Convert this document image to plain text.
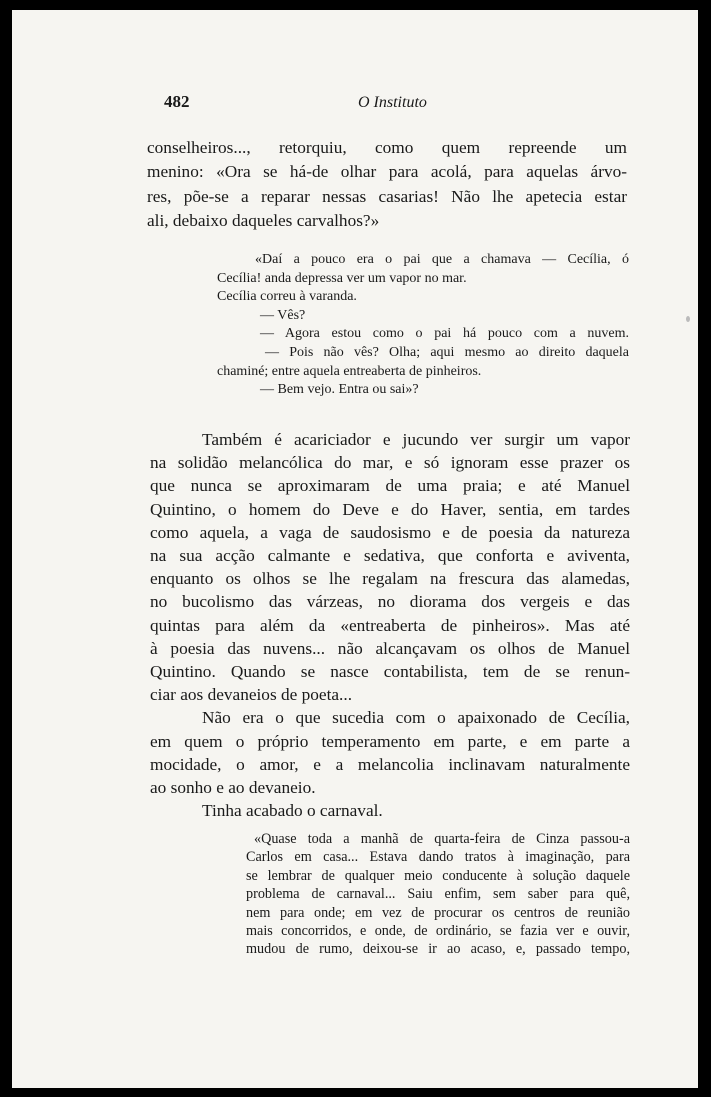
482	O Instituto
conselheiros..., retorquiu, como quem repreende um
menino: «Ora se há-de olhar para acolá, para aquelas árvo-
res, põe-se a reparar nessas casarias! Não lhe apetecia estar
ali, debaixo daqueles carvalhos?»
«Daí a pouco era o pai que a chamava — Cecília, ó
Cecília! anda depressa ver um vapor no mar.
Cecília correu à varanda.
— Vês?
— Agora estou como o pai há pouco com a nuvem.
— Pois não vês? Olha; aqui mesmo ao direito daquela
chaminé; entre aquela entreaberta de pinheiros.
— Bem vejo. Entra ou sai»?
Também é acariciador e jucundo ver surgir um vapor
na solidão melancólica do mar, e só ignoram esse prazer os
que nunca se aproximaram de uma praia; e até Manuel
Quintino, o homem do Deve e do Haver, sentia, em tardes
como aquela, a vaga de saudosismo e de poesia da natureza
na sua acção calmante e sedativa, que conforta e aviventa,
enquanto os olhos se lhe regalam na frescura das alamedas,
no bucolismo das várzeas, no diorama dos vergeis e das
quintas para além da «entreaberta de pinheiros». Mas até
à poesia das nuvens... não alcançavam os olhos de Manuel
Quintino. Quando se nasce contabilista, tem de se renun-
ciar aos devaneios de poeta...
Não era o que sucedia com o apaixonado de Cecília,
em quem o próprio temperamento em parte, e em parte a
mocidade, o amor, e a melancolia inclinavam naturalmente
ao sonho e ao devaneio.
Tinha acabado o carnaval.
«Quase toda a manhã de quarta-feira de Cinza passou-a
Carlos em casa... Estava dando tratos à imaginação, para
se lembrar de qualquer meio conducente à solução daquele
problema de carnaval... Saiu enfim, sem saber para quê,
nem para onde; em vez de procurar os centros de reunião
mais concorridos, e onde, de ordinário, se fazia ver e ouvir,
mudou de rumo, deixou-se ir ao acaso, e, passado tempo,
